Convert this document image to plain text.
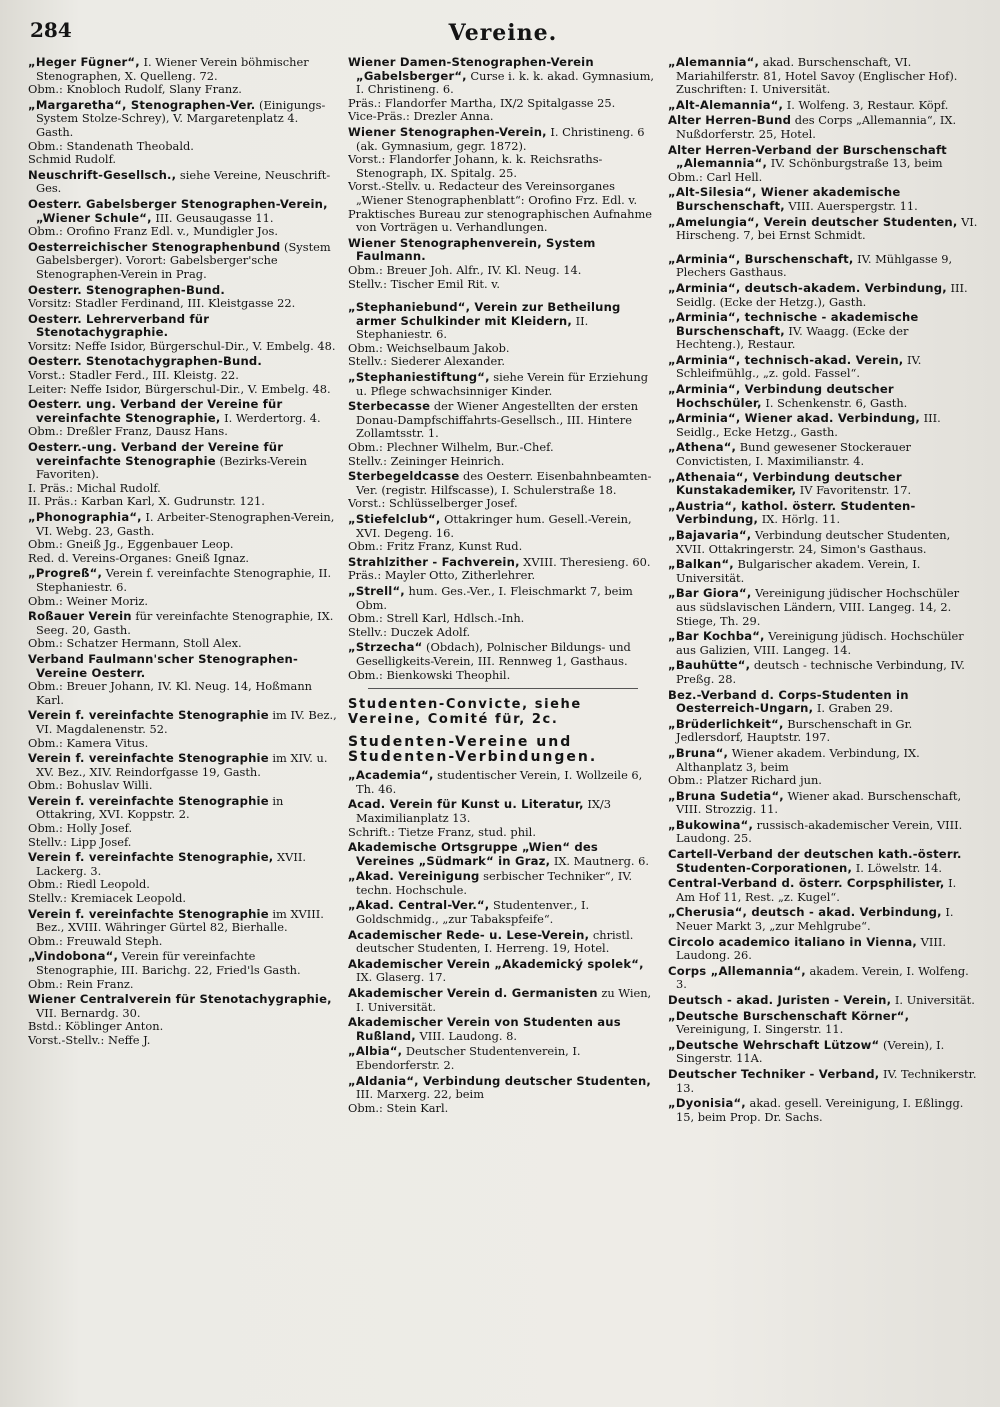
284	Vereine.
„Heger Fügner“, I. Wiener Verein böhmischer Stenographen, X. Quelleng. 72.
Obm.: Knobloch Rudolf, Slany Franz.
„Margaretha“, Stenographen-Ver. (Einigungs-System Stolze-Schrey), V. Margaretenplatz 4. Gasth.
Obm.: Standenath Theobald.
Schmid Rudolf.
Neuschrift-Gesellsch., siehe Vereine, Neuschrift-Ges.
Oesterr. Gabelsberger Stenographen-Verein, „Wiener Schule“, III. Geusaugasse 11.
Obm.: Orofino Franz Edl. v., Mundigler Jos.
Oesterreichischer Stenographenbund (System Gabelsberger). Vorort: Gabelsberger'sche Stenographen-Verein in Prag.
Oesterr. Stenographen-Bund.
Vorsitz: Stadler Ferdinand, III. Kleistgasse 22.
Oesterr. Lehrerverband für Stenotachygraphie.
Vorsitz: Neffe Isidor, Bürgerschul-Dir., V. Embelg. 48.
Oesterr. Stenotachygraphen-Bund.
Vorst.: Stadler Ferd., III. Kleistg. 22.
Leiter: Neffe Isidor, Bürgerschul-Dir., V. Embelg. 48.
Oesterr. ung. Verband der Vereine für vereinfachte Stenographie, I. Werdertorg. 4.
Obm.: Dreßler Franz, Dausz Hans.
Oesterr.-ung. Verband der Vereine für vereinfachte Stenographie (Bezirks-Verein Favoriten).
I. Präs.: Michal Rudolf.
II. Präs.: Karban Karl, X. Gudrunstr. 121.
„Phonographia“, I. Arbeiter-Stenographen-Verein, VI. Webg. 23, Gasth.
Obm.: Gneiß Jg., Eggenbauer Leop.
Red. d. Vereins-Organes: Gneiß Ignaz.
„Progreß“, Verein f. vereinfachte Stenographie, II. Stephaniestr. 6.
Obm.: Weiner Moriz.
Roßauer Verein für vereinfachte Stenographie, IX. Seeg. 20, Gasth.
Obm.: Schatzer Hermann, Stoll Alex.
Verband Faulmann'scher Stenographen-Vereine Oesterr.
Obm.: Breuer Johann, IV. Kl. Neug. 14, Hoßmann Karl.
Verein f. vereinfachte Stenographie im IV. Bez., VI. Magdalenenstr. 52.
Obm.: Kamera Vitus.
Verein f. vereinfachte Stenographie im XIV. u. XV. Bez., XIV. Reindorfgasse 19, Gasth.
Obm.: Bohuslav Willi.
Verein f. vereinfachte Stenographie in Ottakring, XVI. Koppstr. 2.
Obm.: Holly Josef.
Stellv.: Lipp Josef.
Verein f. vereinfachte Stenographie, XVII. Lackerg. 3.
Obm.: Riedl Leopold.
Stellv.: Kremiacek Leopold.
Verein f. vereinfachte Stenographie im XVIII. Bez., XVIII. Währinger Gürtel 82, Bierhalle.
Obm.: Freuwald Steph.
„Vindobona“, Verein für vereinfachte Stenographie, III. Barichg. 22, Fried'ls Gasth.
Obm.: Rein Franz.
Wiener Centralverein für Stenotachygraphie, VII. Bernardg. 30.
Bstd.: Köblinger Anton.
Vorst.-Stellv.: Neffe J.
Wiener Damen-Stenographen-Verein „Gabelsberger“, Curse i. k. k. akad. Gymnasium, I. Christineng. 6.
Präs.: Flandorfer Martha, IX/2 Spitalgasse 25.
Vice-Präs.: Drezler Anna.
Wiener Stenographen-Verein, I. Christineng. 6 (ak. Gymnasium, gegr. 1872).
Vorst.: Flandorfer Johann, k. k. Reichsraths-Stenograph, IX. Spitalg. 25.
Vorst.-Stellv. u. Redacteur des Vereinsorganes „Wiener Stenographenblatt“: Orofino Frz. Edl. v.
Praktisches Bureau zur stenographischen Aufnahme von Vorträgen u. Verhandlungen.
Wiener Stenographenverein, System Faulmann.
Obm.: Breuer Joh. Alfr., IV. Kl. Neug. 14.
Stellv.: Tischer Emil Rit. v.
„Stephaniebund“, Verein zur Betheilung armer Schulkinder mit Kleidern, II. Stephaniestr. 6.
Obm.: Weichselbaum Jakob.
Stellv.: Siederer Alexander.
„Stephaniestiftung“, siehe Verein für Erziehung u. Pflege schwachsinniger Kinder.
Sterbecasse der Wiener Angestellten der ersten Donau-Dampfschiffahrts-Gesellsch., III. Hintere Zollamtsstr. 1.
Obm.: Plechner Wilhelm, Bur.-Chef.
Stellv.: Zeininger Heinrich.
Sterbegeldcasse des Oesterr. Eisenbahnbeamten-Ver. (registr. Hilfscasse), I. Schulerstraße 18.
Vorst.: Schlüsselberger Josef.
„Stiefelclub“, Ottakringer hum. Gesell.-Verein, XVI. Degeng. 16.
Obm.: Fritz Franz, Kunst Rud.
Strahlzither - Fachverein, XVIII. Theresieng. 60.
Präs.: Mayler Otto, Zitherlehrer.
„Strell“, hum. Ges.-Ver., I. Fleischmarkt 7, beim Obm.
Obm.: Strell Karl, Hdlsch.-Inh.
Stellv.: Duczek Adolf.
„Strzecha“ (Obdach), Polnischer Bildungs- und Geselligkeits-Verein, III. Rennweg 1, Gasthaus.
Obm.: Bienkowski Theophil.
Studenten-Convicte, siehe Vereine, Comité für, 2c.
Studenten-Vereine und Studenten-Verbindungen.
„Academia“, studentischer Verein, I. Wollzeile 6, Th. 46.
Acad. Verein für Kunst u. Literatur, IX/3 Maximilianplatz 13.
Schrift.: Tietze Franz, stud. phil.
Akademische Ortsgruppe „Wien“ des Vereines „Südmark“ in Graz, IX. Mautnerg. 6.
„Akad. Vereinigung serbischer Techniker“, IV. techn. Hochschule.
„Akad. Central-Ver.“, Studentenver., I. Goldschmidg., „zur Tabakspfeife“.
Academischer Rede- u. Lese-Verein, christl. deutscher Studenten, I. Herreng. 19, Hotel.
Akademischer Verein „Akademický spolek“, IX. Glaserg. 17.
Akademischer Verein d. Germanisten zu Wien, I. Universität.
Akademischer Verein von Studenten aus Rußland, VIII. Laudong. 8.
„Albia“, Deutscher Studentenverein, I. Ebendorferstr. 2.
„Aldania“, Verbindung deutscher Studenten, III. Marxerg. 22, beim
Obm.: Stein Karl.
„Alemannia“, akad. Burschenschaft, VI. Mariahilferstr. 81, Hotel Savoy (Englischer Hof). Zuschriften: I. Universität.
„Alt-Alemannia“, I. Wolfeng. 3, Restaur. Köpf.
Alter Herren-Bund des Corps „Allemannia“, IX. Nußdorferstr. 25, Hotel.
Alter Herren-Verband der Burschenschaft „Alemannia“, IV. Schönburgstraße 13, beim
Obm.: Carl Hell.
„Alt-Silesia“, Wiener akademische Burschenschaft, VIII. Auerspergstr. 11.
„Amelungia“, Verein deutscher Studenten, VI. Hirscheng. 7, bei Ernst Schmidt.
„Arminia“, Burschenschaft, IV. Mühlgasse 9, Plechers Gasthaus.
„Arminia“, deutsch-akadem. Verbindung, III. Seidlg. (Ecke der Hetzg.), Gasth.
„Arminia“, technische - akademische Burschenschaft, IV. Waagg. (Ecke der Hechteng.), Restaur.
„Arminia“, technisch-akad. Verein, IV. Schleifmühlg., „z. gold. Fassel“.
„Arminia“, Verbindung deutscher Hochschüler, I. Schenkenstr. 6, Gasth.
„Arminia“, Wiener akad. Verbindung, III. Seidlg., Ecke Hetzg., Gasth.
„Athena“, Bund gewesener Stockerauer Convictisten, I. Maximilianstr. 4.
„Athenaia“, Verbindung deutscher Kunstakademiker, IV Favoritenstr. 17.
„Austria“, kathol. österr. Studenten-Verbindung, IX. Hörlg. 11.
„Bajavaria“, Verbindung deutscher Studenten, XVII. Ottakringerstr. 24, Simon's Gasthaus.
„Balkan“, Bulgarischer akadem. Verein, I. Universität.
„Bar Giora“, Vereinigung jüdischer Hochschüler aus südslavischen Ländern, VIII. Langeg. 14, 2. Stiege, Th. 29.
„Bar Kochba“, Vereinigung jüdisch. Hochschüler aus Galizien, VIII. Langeg. 14.
„Bauhütte“, deutsch - technische Verbindung, IV. Preßg. 28.
Bez.-Verband d. Corps-Studenten in Oesterreich-Ungarn, I. Graben 29.
„Brüderlichkeit“, Burschenschaft in Gr. Jedlersdorf, Hauptstr. 197.
„Bruna“, Wiener akadem. Verbindung, IX. Althanplatz 3, beim
Obm.: Platzer Richard jun.
„Bruna Sudetia“, Wiener akad. Burschenschaft, VIII. Strozzig. 11.
„Bukowina“, russisch-akademischer Verein, VIII. Laudong. 25.
Cartell-Verband der deutschen kath.-österr. Studenten-Corporationen, I. Löwelstr. 14.
Central-Verband d. österr. Corpsphilister, I. Am Hof 11, Rest. „z. Kugel“.
„Cherusia“, deutsch - akad. Verbindung, I. Neuer Markt 3, „zur Mehlgrube“.
Circolo academico italiano in Vienna, VIII. Laudong. 26.
Corps „Allemannia“, akadem. Verein, I. Wolfeng. 3.
Deutsch - akad. Juristen - Verein, I. Universität.
„Deutsche Burschenschaft Körner“, Vereinigung, I. Singerstr. 11.
„Deutsche Wehrschaft Lützow“ (Verein), I. Singerstr. 11A.
Deutscher Techniker - Verband, IV. Technikerstr. 13.
„Dyonisia“, akad. gesell. Vereinigung, I. Eßlingg. 15, beim Prop. Dr. Sachs.
